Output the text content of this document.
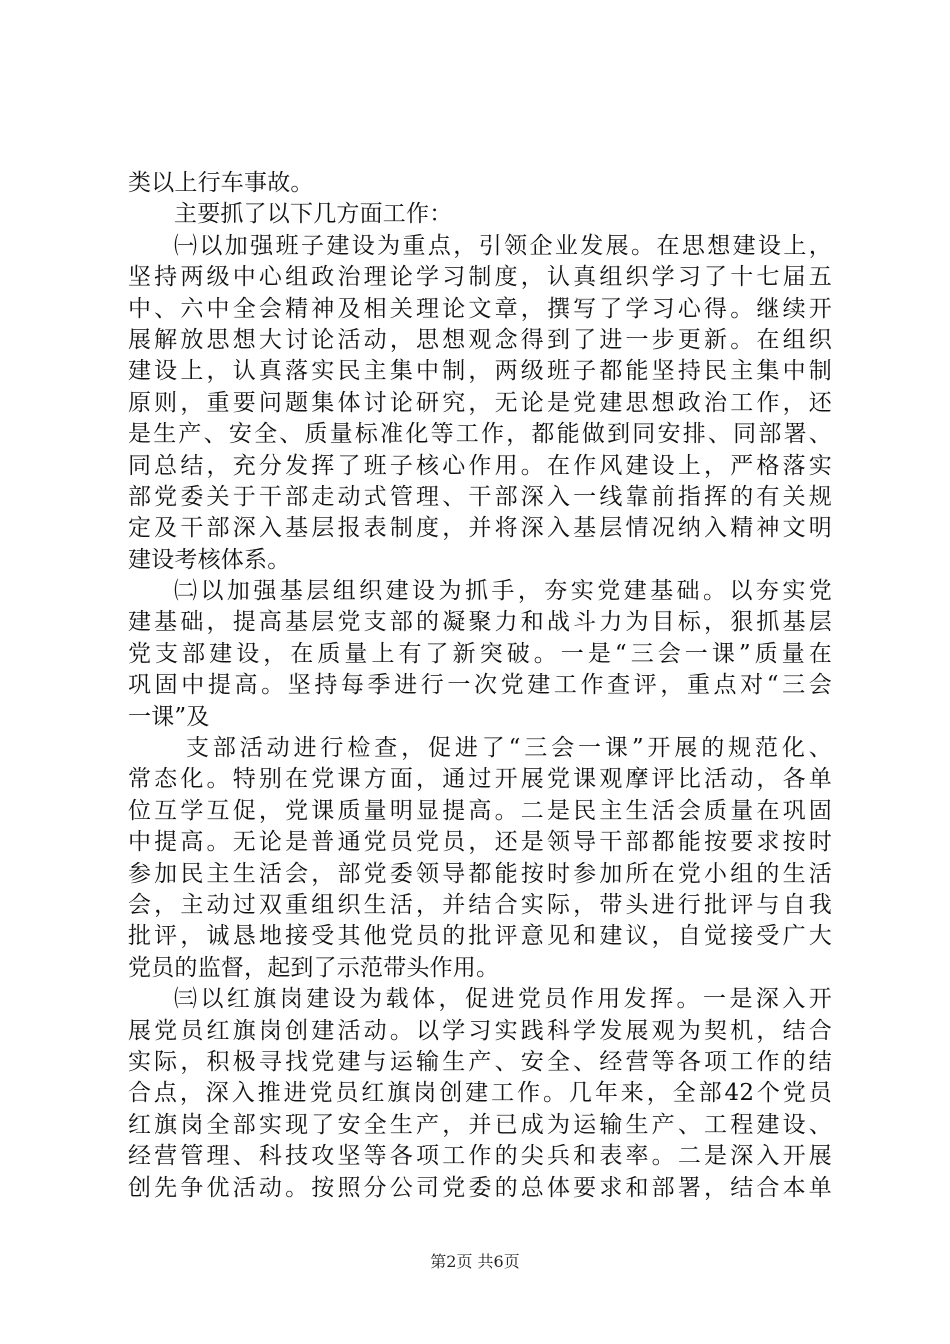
类以上行车事故。
主要抓了以下几方面工作：
㈠以加强班子建设为重点，引领企业发展。在思想建设上，
坚持两级中心组政治理论学习制度，认真组织学习了十七届五
中、六中全会精神及相关理论文章，撰写了学习心得。继续开
展解放思想大讨论活动，思想观念得到了进一步更新。在组织
建设上，认真落实民主集中制，两级班子都能坚持民主集中制
原则，重要问题集体讨论研究，无论是党建思想政治工作，还
是生产、安全、质量标准化等工作，都能做到同安排、同部署、
同总结，充分发挥了班子核心作用。在作风建设上，严格落实
部党委关于干部走动式管理、干部深入一线靠前指挥的有关规
定及干部深入基层报表制度，并将深入基层情况纳入精神文明
建设考核体系。
㈡以加强基层组织建设为抓手，夯实党建基础。以夯实党
建基础，提高基层党支部的凝聚力和战斗力为目标，狠抓基层
党支部建设，在质量上有了新突破。一是“三会一课”质量在
巩固中提高。坚持每季进行一次党建工作查评，重点对“三会
一课”及
支部活动进行检查，促进了“三会一课”开展的规范化、
常态化。特别在党课方面，通过开展党课观摩评比活动，各单
位互学互促，党课质量明显提高。二是民主生活会质量在巩固
中提高。无论是普通党员党员，还是领导干部都能按要求按时
参加民主生活会，部党委领导都能按时参加所在党小组的生活
会，主动过双重组织生活，并结合实际，带头进行批评与自我
批评，诚恳地接受其他党员的批评意见和建议，自觉接受广大
党员的监督，起到了示范带头作用。
㈢以红旗岗建设为载体，促进党员作用发挥。一是深入开
展党员红旗岗创建活动。以学习实践科学发展观为契机，结合
实际，积极寻找党建与运输生产、安全、经营等各项工作的结
合点，深入推进党员红旗岗创建工作。几年来，全部42个党员
红旗岗全部实现了安全生产，并已成为运输生产、工程建设、
经营管理、科技攻坚等各项工作的尖兵和表率。二是深入开展
创先争优活动。按照分公司党委的总体要求和部署，结合本单
第2页 共6页
